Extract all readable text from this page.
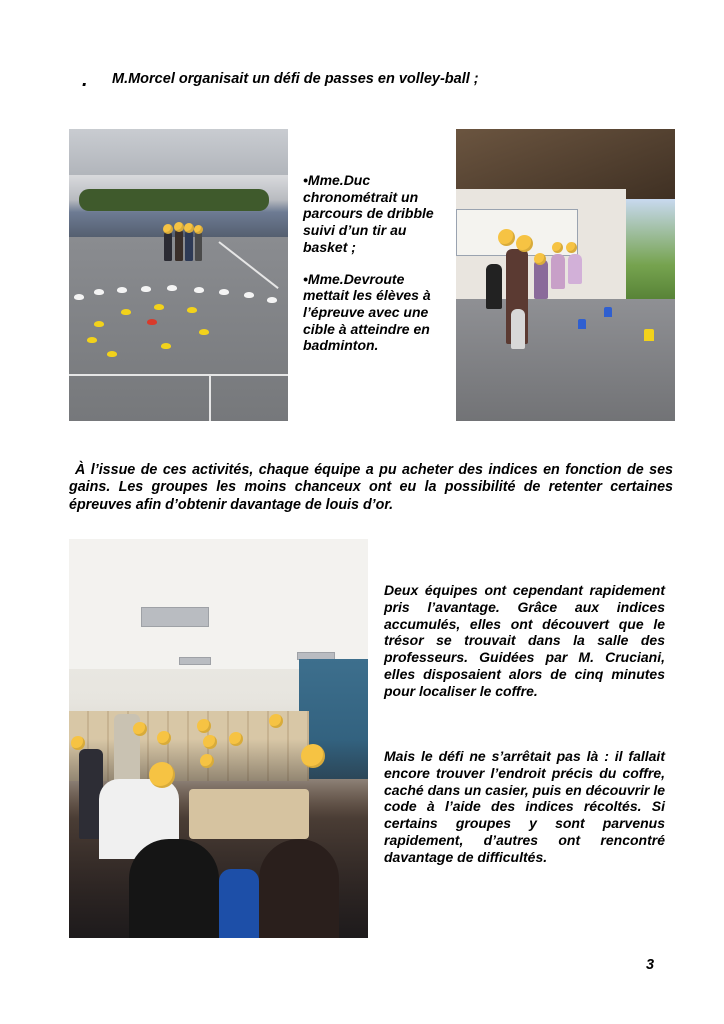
. M.Morcel organisait un défi de passes en volley-ball ;

•Mme.Duc chronométrait un parcours de dribble suivi d’un tir au basket ;

•Mme.Devroute mettait les élèves à l’épreuve avec une cible à atteindre en badminton.

À l’issue de ces activités, chaque équipe a pu acheter des indices en fonction de ses gains. Les groupes les moins chanceux ont eu la possibilité de retenter certaines épreuves afin d’obtenir davantage de louis d’or.
Deux équipes ont cependant rapidement pris l’avantage. Grâce aux indices accumulés, elles ont découvert que le trésor se trouvait dans la salle des professeurs. Guidées par M. Cruciani, elles disposaient alors de cinq minutes pour localiser le coffre.
Mais le défi ne s’arrêtait pas là : il fallait encore trouver l’endroit précis du coffre, caché dans un casier, puis en découvrir le code à l’aide des indices récoltés. Si certains groupes y sont parvenus rapidement, d’autres ont rencontré davantage de difficultés.
3
